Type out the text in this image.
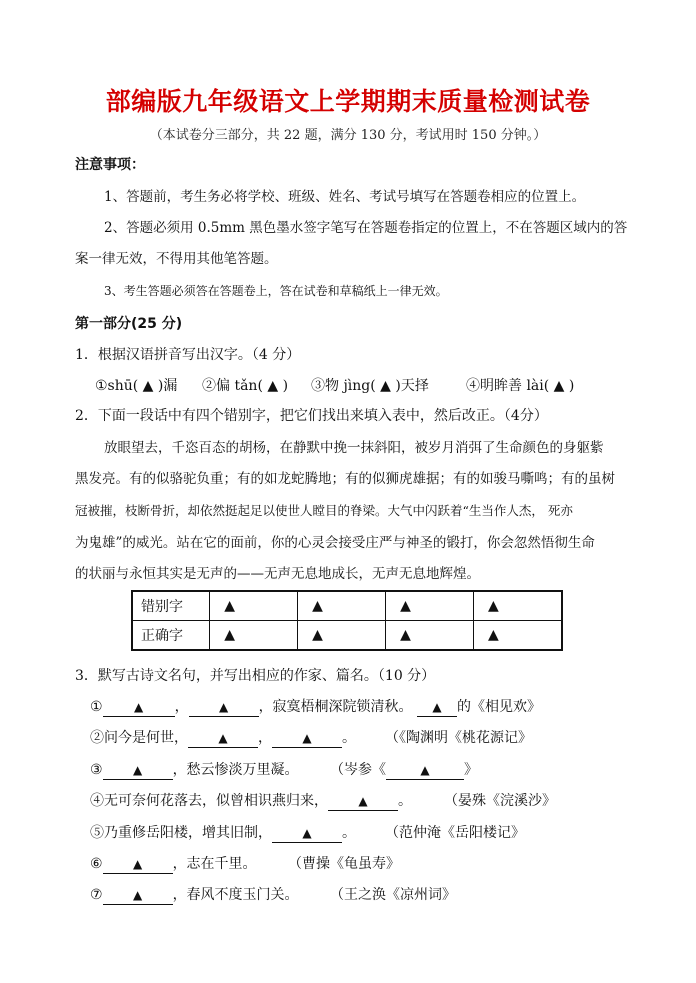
部编版九年级语文上学期期末质量检测试卷
（本试卷分三部分，共 22 题，满分 130 分，考试用时 150 分钟。）
注意事项：
1、答题前，考生务必将学校、班级、姓名、考试号填写在答题卷相应的位置上。
2、答题必须用 0.5mm 黑色墨水签字笔写在答题卷指定的位置上，不在答题区域内的答
案一律无效，不得用其他笔答题。
3、考生答题必须答在答题卷上，答在试卷和草稿纸上一律无效。
第一部分(25 分)
1．根据汉语拼音写出汉字。（4 分）
①shū( ▲ )漏 ②偏 tǎn( ▲ ) ③物 jìng( ▲ )天择	④明眸善 lài( ▲ )
2．下面一段话中有四个错别字，把它们找出来填入表中，然后改正。（4分）
放眼望去，千恣百态的胡杨，在静默中挽一抹斜阳，被岁月消弭了生命颜色的身躯紫
黑发亮。有的似骆驼负重；有的如龙蛇腾地；有的似狮虎雄据；有的如骏马嘶鸣；有的虽树
冠被摧，枝断骨折，却依然挺起足以使世人瞠目的脊梁。大气中闪跃着“生当作人杰， 死亦
为鬼雄”的威光。站在它的面前，你的心灵会接受庄严与神圣的锻打，你会忽然悟彻生命
的状丽与永恒其实是无声的——无声无息地成长，无声无息地辉煌。
错别字	▲	▲	▲	▲
正确字	▲	▲	▲	▲
3．默写古诗文名句，并写出相应的作家、篇名。（10 分）
①	▲ ，	▲ ，寂寞梧桐深院锁清秋。 ▲ 的《相见欢》
②问今是何世，	▲ ，	▲ 。 （《陶渊明《桃花源记》
③	▲ ，愁云惨淡万里凝。 （岑参《	▲ 》
④无可奈何花落去，似曾相识燕归来，	▲ 。 （晏殊《浣溪沙》
⑤乃重修岳阳楼，增其旧制，	▲ 。 （范仲淹《岳阳楼记》
⑥	▲ ，志在千里。 （曹操《龟虽寿》
⑦	▲ ，春风不度玉门关。 （王之涣《凉州词》
